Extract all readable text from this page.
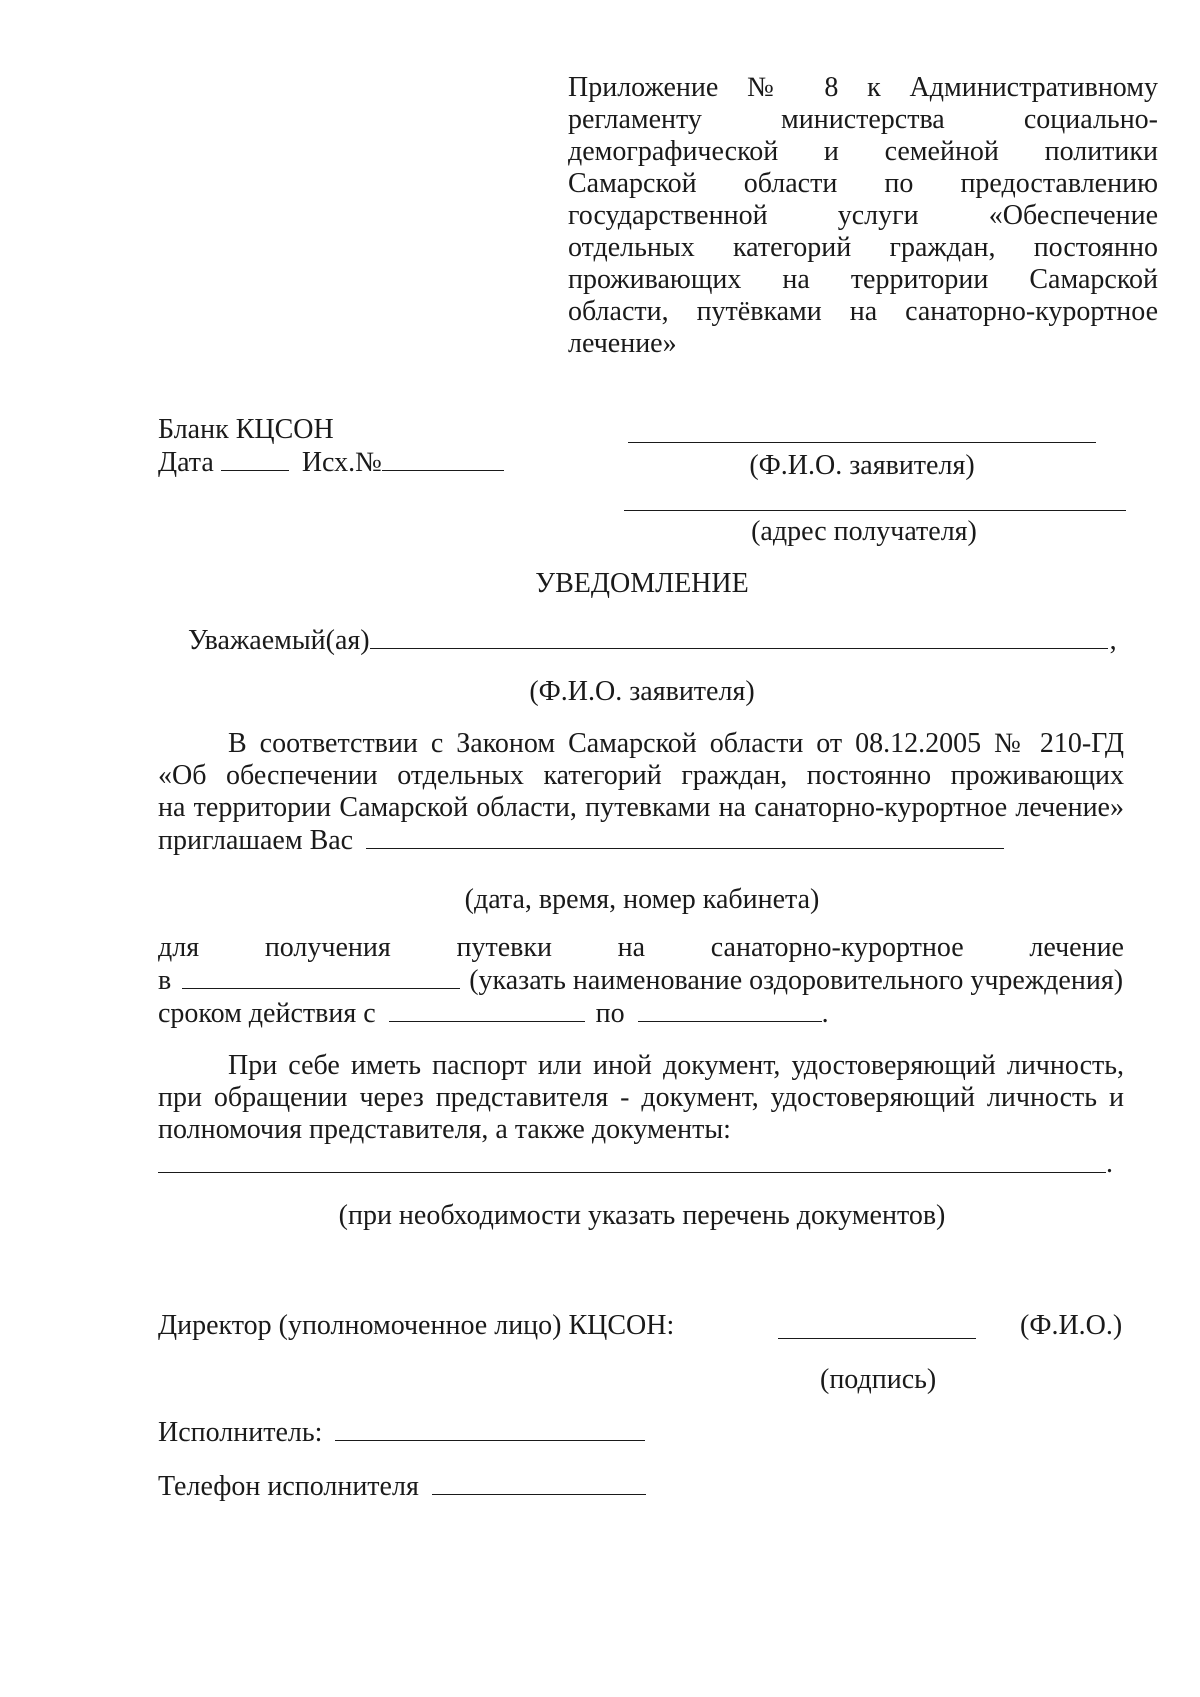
Приложение № 8 к Административному
регламенту министерства социально-
демографической и семейной политики
Самарской области по предоставлению
государственной услуги «Обеспечение
отдельных категорий граждан, постоянно
проживающих на территории Самарской
области, путёвками на санаторно-курортное
лечение»
Бланк КЦСОН
Дата	Исх.№	(Ф.И.О. заявителя)
(адрес получателя)
УВЕДОМЛЕНИЕ
Уважаемый(ая)	,
(Ф.И.О. заявителя)
В соответствии с Законом Самарской области от 08.12.2005 № 210-ГД
«Об обеспечении отдельных категорий граждан, постоянно проживающих
на территории Самарской области, путевками на санаторно-курортное лечение»
приглашаем Вас
(дата, время, номер кабинета)
для получения путевки на санаторно-курортное лечение
в	(указать наименование оздоровительного учреждения)
сроком действия с	по	.
При себе иметь паспорт или иной документ, удостоверяющий личность,
при обращении через представителя - документ, удостоверяющий личность и
полномочия представителя, а также документы:
.
(при необходимости указать перечень документов)
Директор (уполномоченное лицо) КЦСОН:	(Ф.И.О.)
(подпись)
Исполнитель:
Телефон исполнителя
